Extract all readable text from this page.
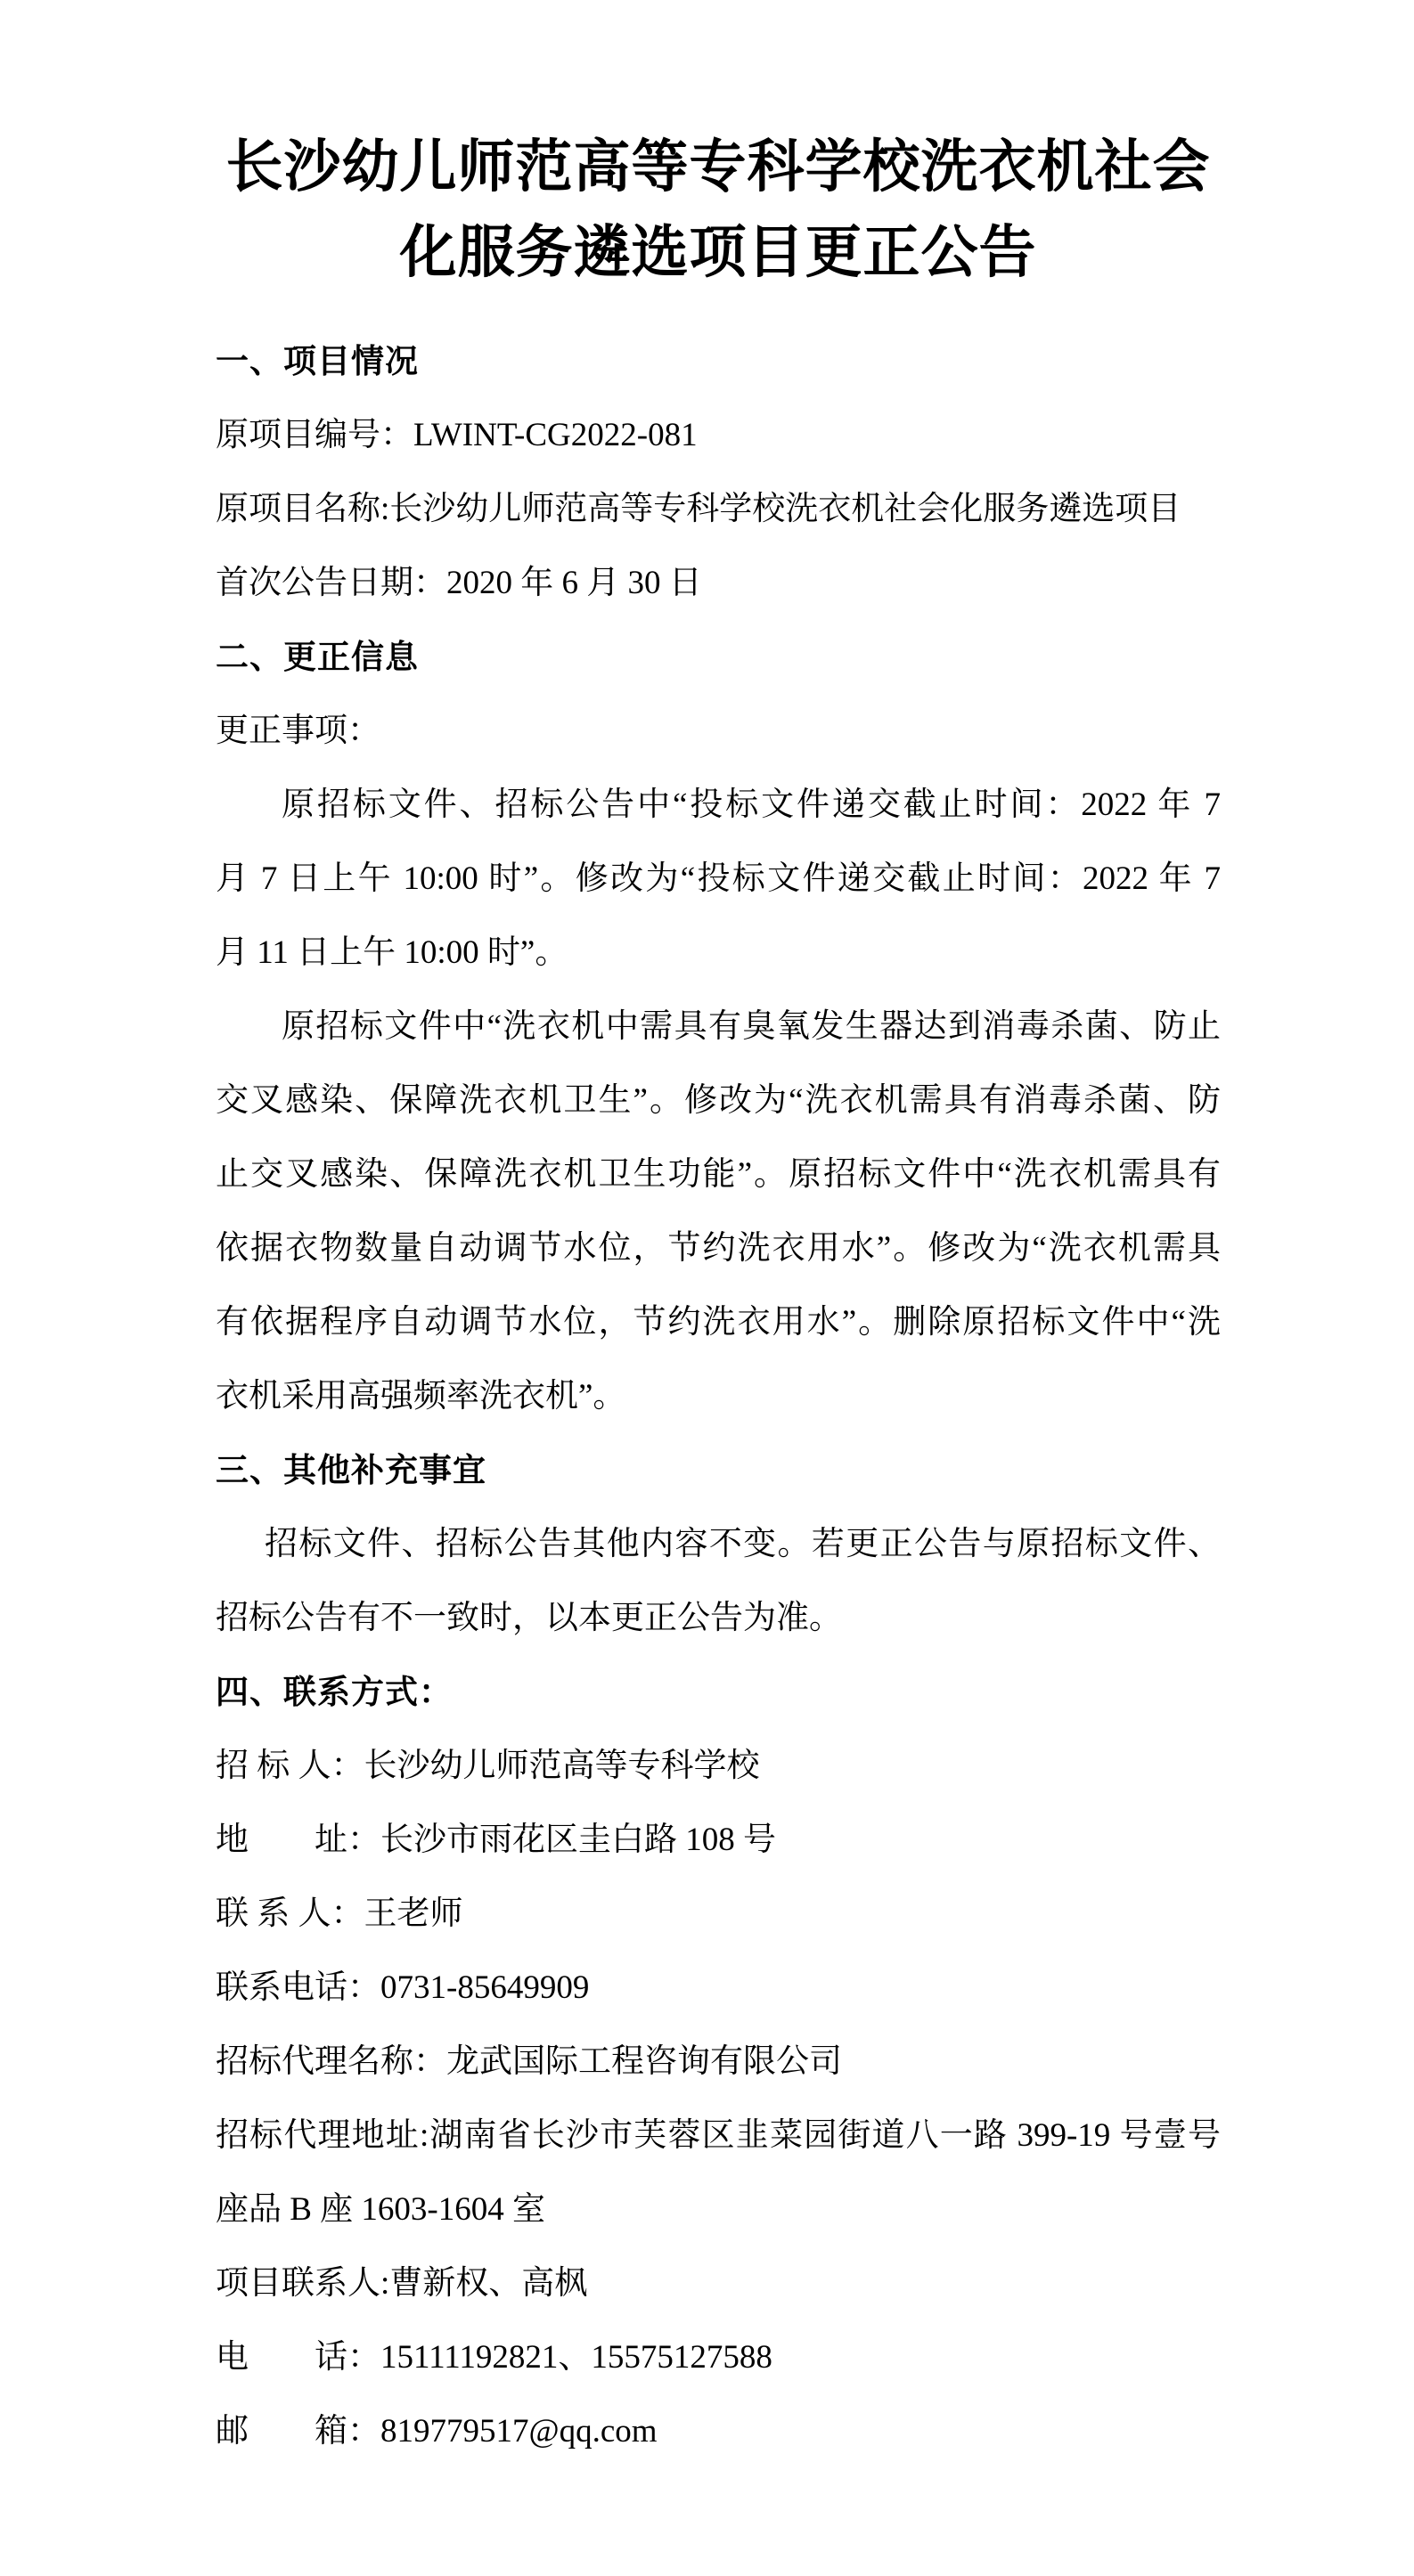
长沙幼儿师范高等专科学校洗衣机社会
化服务遴选项目更正公告
一、项目情况
原项目编号：LWINT-CG2022-081
原项目名称:长沙幼儿师范高等专科学校洗衣机社会化服务遴选项目
首次公告日期：2020 年 6 月 30 日
二、更正信息
更正事项：
原招标文件、招标公告中“投标文件递交截止时间：2022 年 7
月 7 日上午 10:00 时”。修改为“投标文件递交截止时间：2022 年 7
月 11 日上午 10:00 时”。
原招标文件中“洗衣机中需具有臭氧发生器达到消毒杀菌、防止
交叉感染、保障洗衣机卫生”。修改为“洗衣机需具有消毒杀菌、防
止交叉感染、保障洗衣机卫生功能”。原招标文件中“洗衣机需具有
依据衣物数量自动调节水位，节约洗衣用水”。修改为“洗衣机需具
有依据程序自动调节水位，节约洗衣用水”。删除原招标文件中“洗
衣机采用高强频率洗衣机”。
三、其他补充事宜
招标文件、招标公告其他内容不变。若更正公告与原招标文件、
招标公告有不一致时，以本更正公告为准。
四、联系方式：
招 标 人：长沙幼儿师范高等专科学校
地　　址：长沙市雨花区圭白路 108 号
联 系 人：王老师
联系电话：0731-85649909
招标代理名称：龙武国际工程咨询有限公司
招标代理地址:湖南省长沙市芙蓉区韭菜园街道八一路 399-19 号壹号
座品 B 座 1603-1604 室
项目联系人:曹新权、高枫
电　　话：15111192821、15575127588
邮　　箱：819779517@qq.com
